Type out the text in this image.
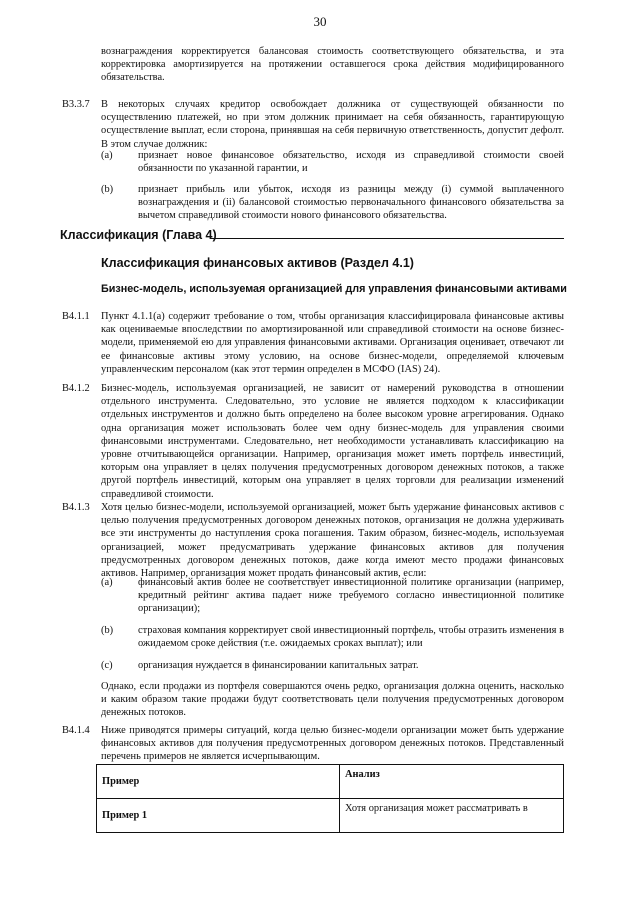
30
вознаграждения корректируется балансовая стоимость соответствующего обязательства, и эта корректировка амортизируется на протяжении оставшегося срока действия модифицированного обязательства.
В3.3.7 В некоторых случаях кредитор освобождает должника от существующей обязанности по осуществлению платежей, но при этом должник принимает на себя обязанность, гарантирующую осуществление выплат, если сторона, принявшая на себя первичную ответственность, допустит дефолт. В этом случае должник:
(a) признает новое финансовое обязательство, исходя из справедливой стоимости своей обязанности по указанной гарантии, и
(b) признает прибыль или убыток, исходя из разницы между (i) суммой выплаченного вознаграждения и (ii) балансовой стоимостью первоначального финансового обязательства за вычетом справедливой стоимости нового финансового обязательства.
Классификация (Глава 4)
Классификация финансовых активов (Раздел 4.1)
Бизнес-модель, используемая организацией для управления финансовыми активами
B4.1.1 Пункт 4.1.1(a) содержит требование о том, чтобы организация классифицировала финансовые активы как оцениваемые впоследствии по амортизированной или справедливой стоимости на основе бизнес-модели, применяемой ею для управления финансовыми активами. Организация оценивает, отвечают ли ее финансовые активы этому условию, на основе бизнес-модели, определяемой ключевым управленческим персоналом (как этот термин определен в МСФО (IAS) 24).
B4.1.2 Бизнес-модель, используемая организацией, не зависит от намерений руководства в отношении отдельного инструмента. Следовательно, это условие не является подходом к классификации отдельных инструментов и должно быть определено на более высоком уровне агрегирования. Однако одна организация может использовать более чем одну бизнес-модель для управления своими финансовыми инструментами. Следовательно, нет необходимости устанавливать классификацию на уровне отчитывающейся организации. Например, организация может иметь портфель инвестиций, которым она управляет в целях получения предусмотренных договором денежных потоков, а также другой портфель инвестиций, которым она управляет в целях торговли для реализации изменений справедливой стоимости.
B4.1.3 Хотя целью бизнес-модели, используемой организацией, может быть удержание финансовых активов с целью получения предусмотренных договором денежных потоков, организация не должна удерживать все эти инструменты до наступления срока погашения. Таким образом, бизнес-модель, используемая организацией, может предусматривать удержание финансовых активов для получения предусмотренных договором денежных потоков, даже когда имеют место продажи финансовых активов. Например, организация может продать финансовый актив, если:
(a) финансовый актив более не соответствует инвестиционной политике организации (например, кредитный рейтинг актива падает ниже требуемого согласно инвестиционной политике организации);
(b) страховая компания корректирует свой инвестиционный портфель, чтобы отразить изменения в ожидаемом сроке действия (т.е. ожидаемых сроках выплат); или
(c) организация нуждается в финансировании капитальных затрат.
Однако, если продажи из портфеля совершаются очень редко, организация должна оценить, насколько и каким образом такие продажи будут соответствовать цели получения предусмотренных договором денежных потоков.
B4.1.4 Ниже приводятся примеры ситуаций, когда целью бизнес-модели организации может быть удержание финансовых активов для получения предусмотренных договором денежных потоков. Представленный перечень примеров не является исчерпывающим.
Пример	Анализ
Пример 1	Хотя организация может рассматривать в
